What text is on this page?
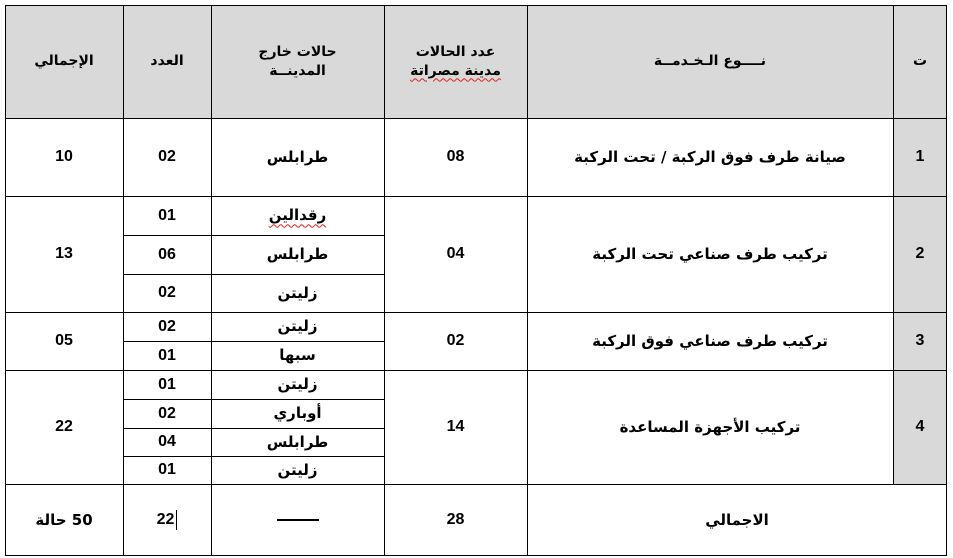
ت
نــــوع الـخـدمــة
عدد الحالات
مدينة مصراتة
حالات خارج
المدينــة
العدد
الإجمالي
1
صيانة طرف فوق الركبة / تحت الركبة
08
طرابلس
02
10
2
تركيب طرف صناعي تحت الركبة
04
رقدالين
01
طرابلس
06
زليتن
02
13
3
تركيب طرف صناعي فوق الركبة
02
زليتن
02
سبها
01
05
4
تركيب الأجهزة المساعدة
14
زليتن
01
أوباري
02
طرابلس
04
زليتن
01
22
الاجمالي
28
22
50 حالة
